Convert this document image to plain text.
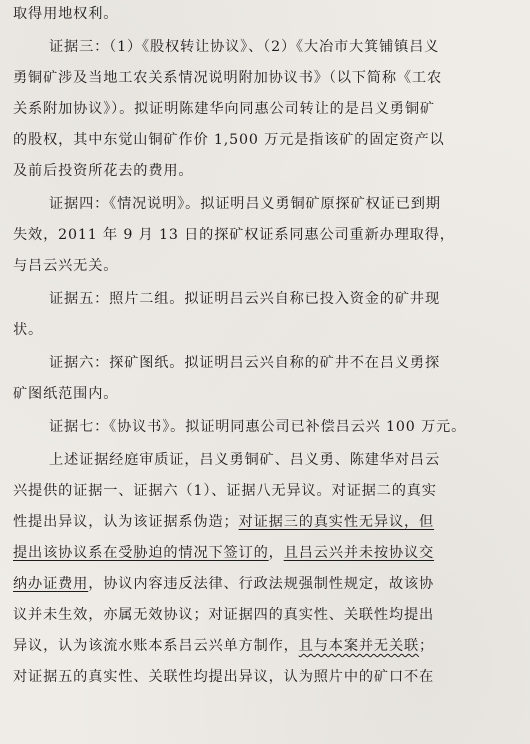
取得用地权利。
证据三：（1）《股权转让协议》、（2）《大冶市大箕铺镇吕义
勇铜矿涉及当地工农关系情况说明附加协议书》（以下简称《工农
关系附加协议》）。拟证明陈建华向同惠公司转让的是吕义勇铜矿
的股权，其中东觉山铜矿作价 1,500 万元是指该矿的固定资产以
及前后投资所花去的费用。
证据四：《情况说明》。拟证明吕义勇铜矿原探矿权证已到期
失效，2011 年 9 月 13 日的探矿权证系同惠公司重新办理取得，
与吕云兴无关。
证据五：照片二组。拟证明吕云兴自称已投入资金的矿井现
状。
证据六：探矿图纸。拟证明吕云兴自称的矿井不在吕义勇探
矿图纸范围内。
证据七：《协议书》。拟证明同惠公司已补偿吕云兴 100 万元。
上述证据经庭审质证，吕义勇铜矿、吕义勇、陈建华对吕云
兴提供的证据一、证据六（1）、证据八无异议。对证据二的真实
性提出异议，认为该证据系伪造；对证据三的真实性无异议，但
提出该协议系在受胁迫的情况下签订的，且吕云兴并未按协议交
纳办证费用，协议内容违反法律、行政法规强制性规定，故该协
议并未生效，亦属无效协议；对证据四的真实性、关联性均提出
异议，认为该流水账本系吕云兴单方制作，且与本案并无关联；
对证据五的真实性、关联性均提出异议，认为照片中的矿口不在
